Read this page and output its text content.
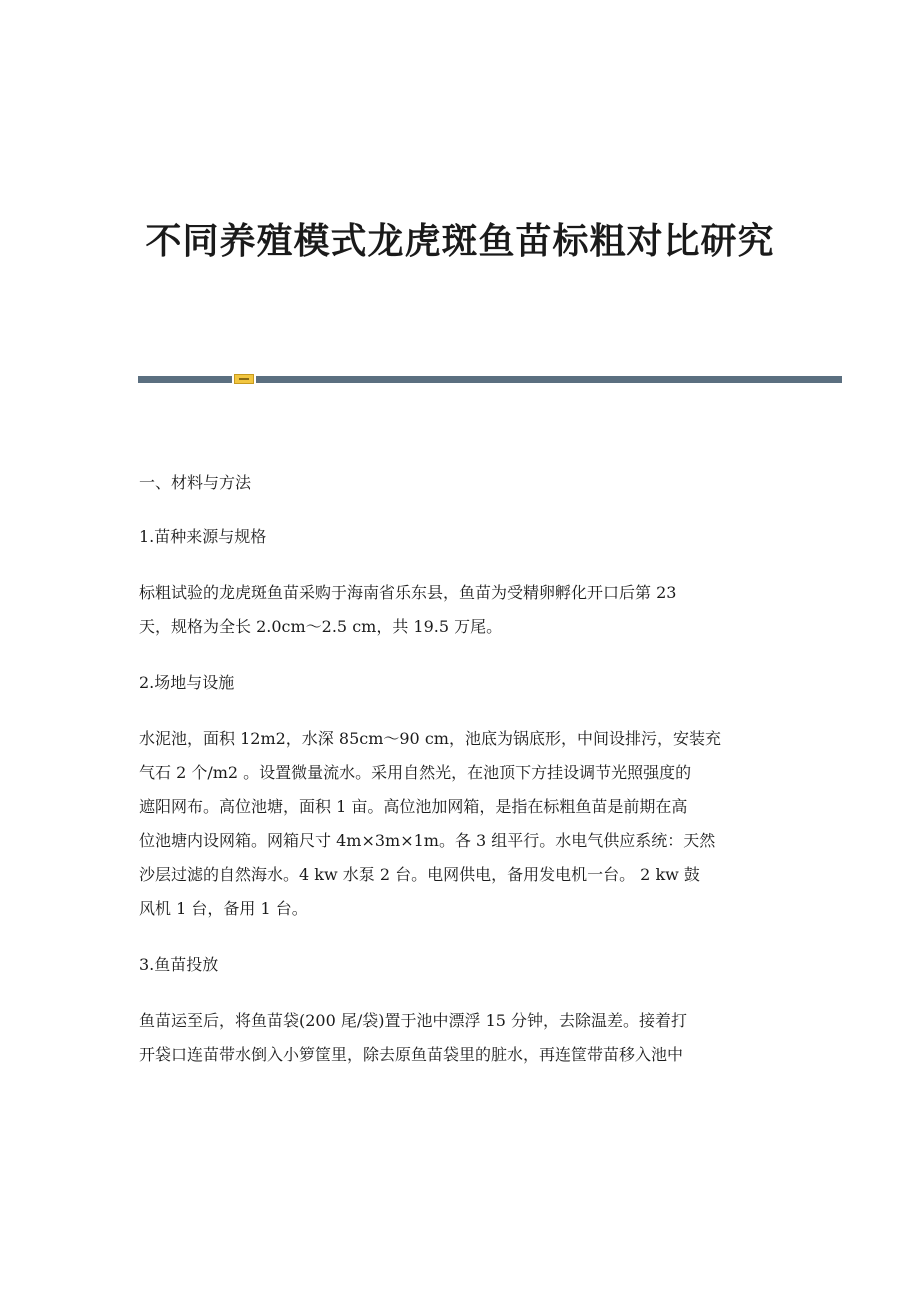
不同养殖模式龙虎斑鱼苗标粗对比研究

一、材料与方法

1.苗种来源与规格

标粗试验的龙虎斑鱼苗采购于海南省乐东县，鱼苗为受精卵孵化开口后第 23

天，规格为全长 2.0cm～2.5 cm，共 19.5 万尾。

2.场地与设施

水泥池，面积 12m2，水深 85cm～90 cm，池底为锅底形，中间设排污，安装充

气石 2 个/m2 。设置微量流水。采用自然光，在池顶下方挂设调节光照强度的

遮阳网布。高位池塘，面积 1 亩。高位池加网箱，是指在标粗鱼苗是前期在高

位池塘内设网箱。网箱尺寸 4m×3m×1m。各 3 组平行。水电气供应系统：天然

沙层过滤的自然海水。4 kw 水泵 2 台。电网供电，备用发电机一台。 2 kw 鼓

风机 1 台，备用 1 台。

3.鱼苗投放

鱼苗运至后，将鱼苗袋(200 尾/袋)置于池中漂浮 15 分钟，去除温差。接着打

开袋口连苗带水倒入小箩筐里，除去原鱼苗袋里的脏水，再连筐带苗移入池中
